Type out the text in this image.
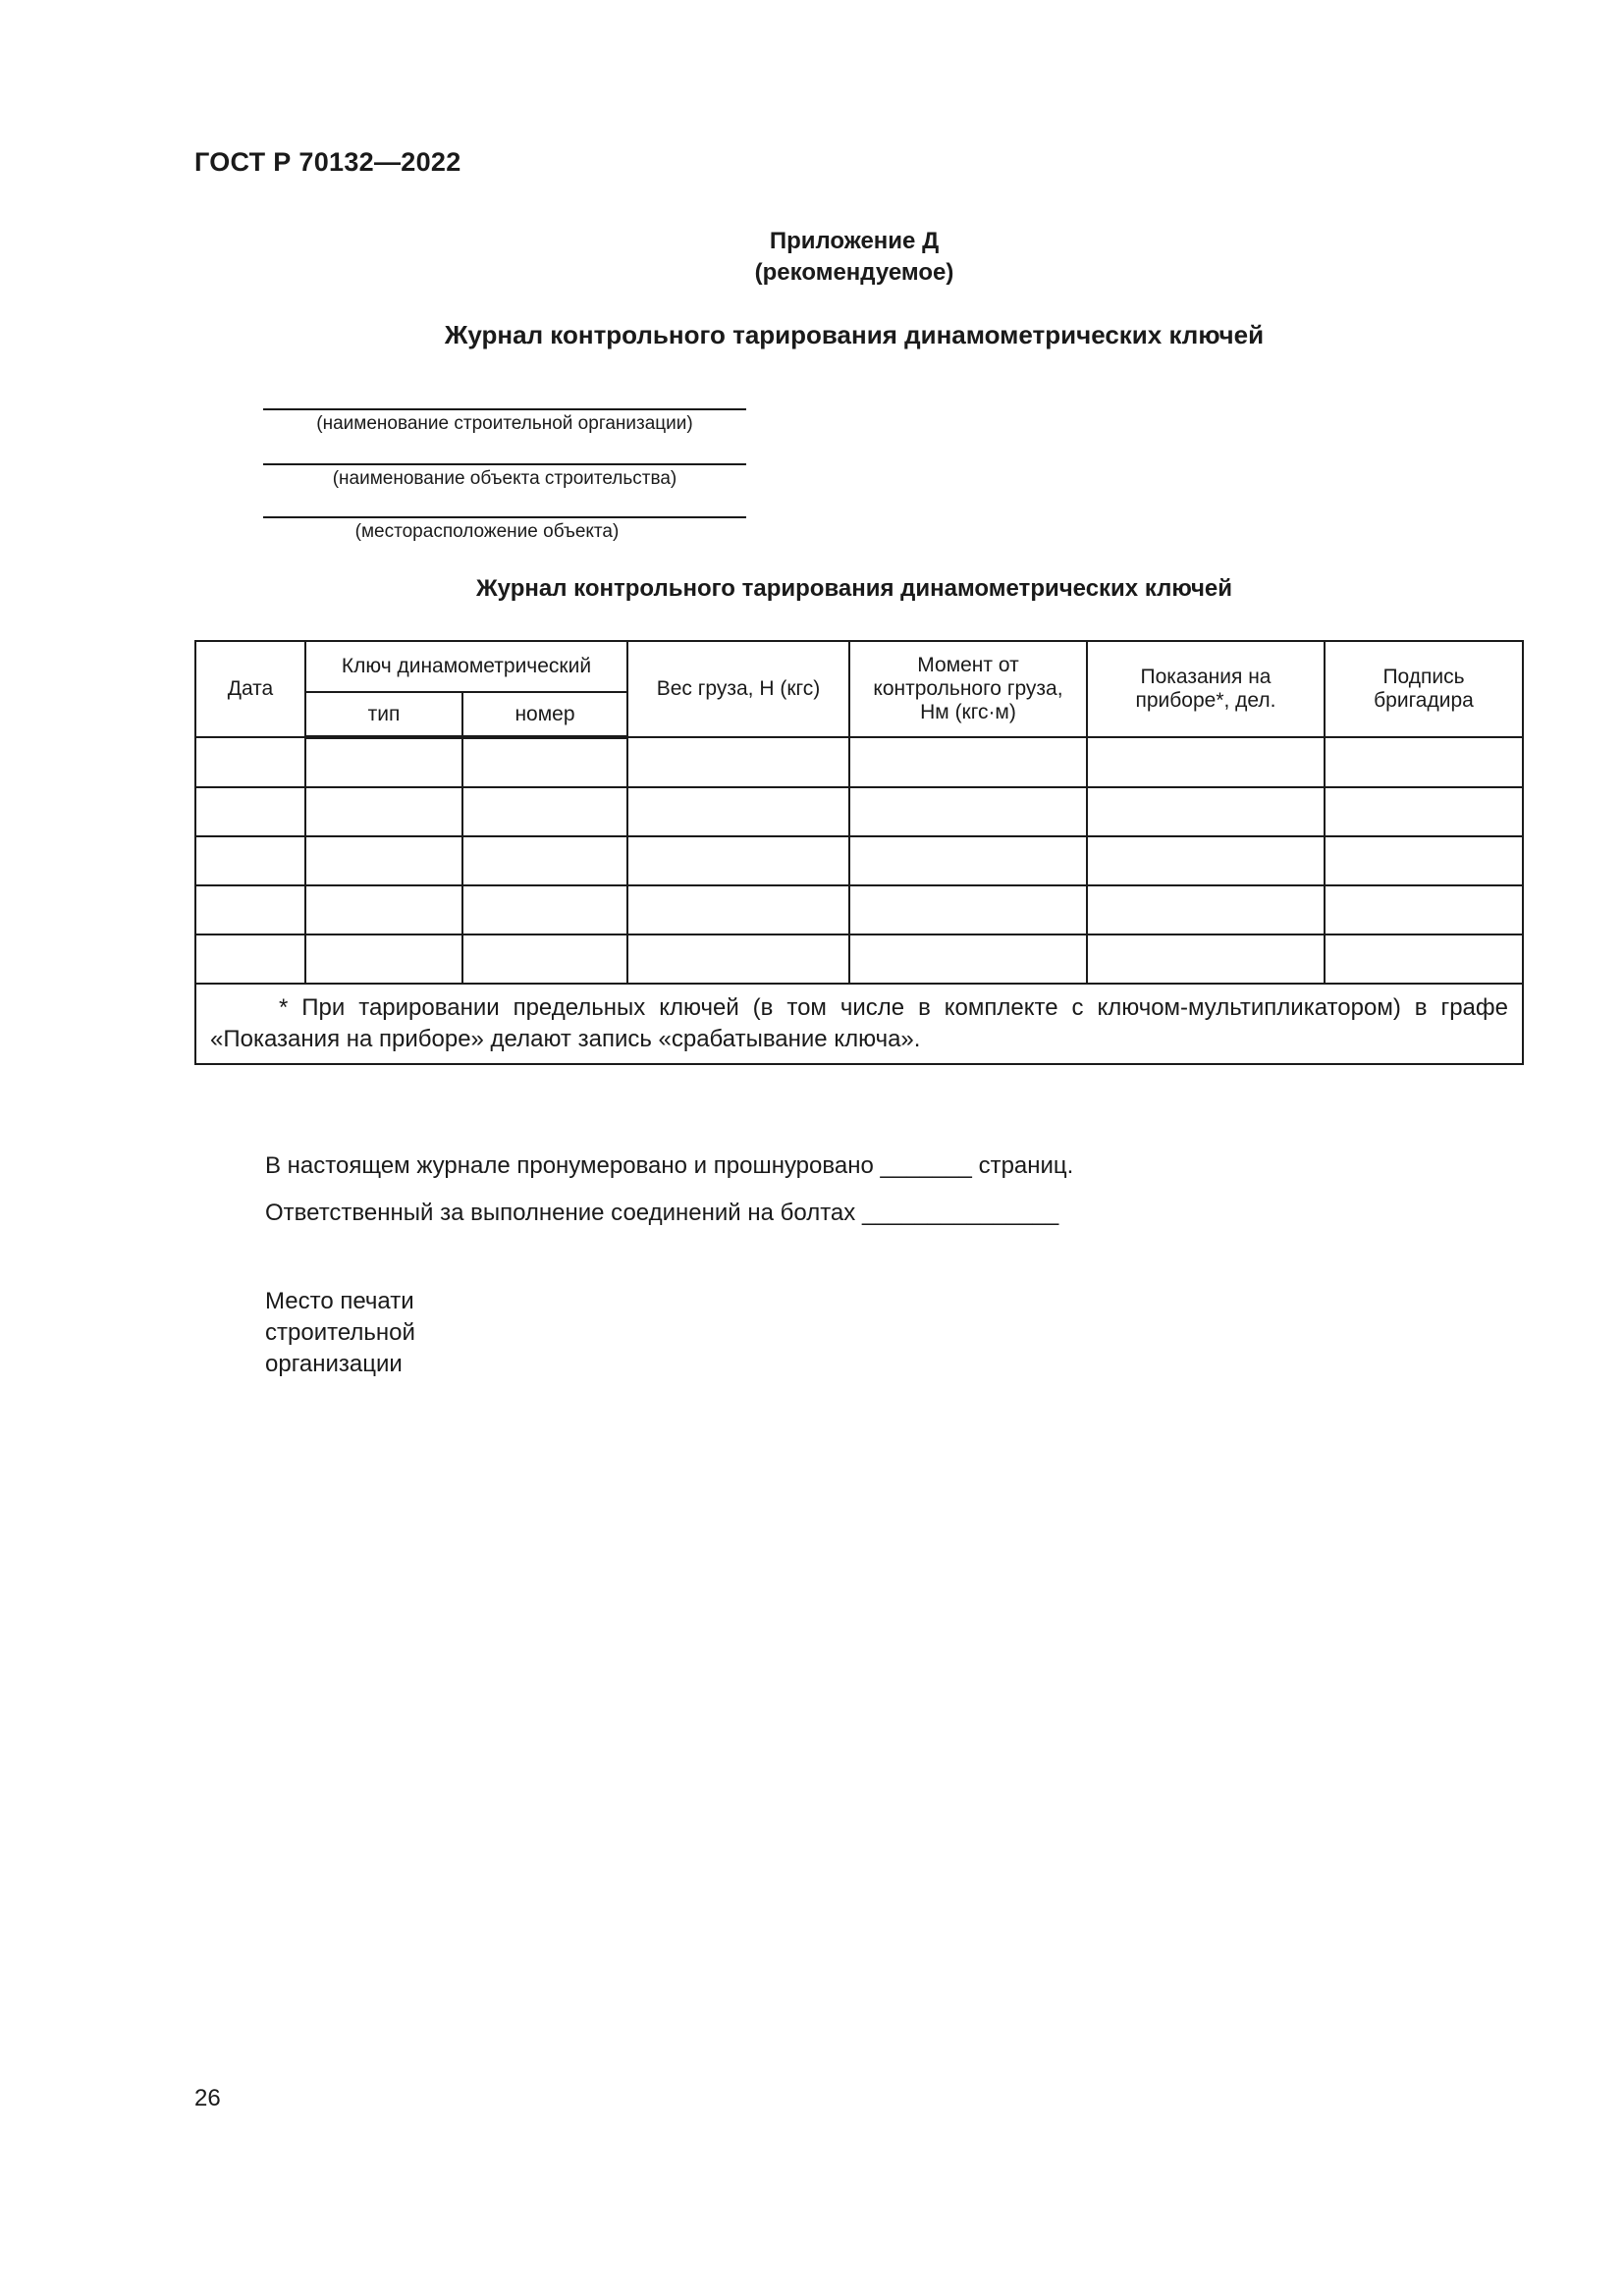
ГОСТ Р 70132—2022
Приложение Д
(рекомендуемое)
Журнал контрольного тарирования динамометрических ключей
(наименование строительной организации)
(наименование объекта строительства)
(месторасположение объекта)
Журнал контрольного тарирования динамометрических ключей
Дата	Ключ динамометрический		Вес груза, Н (кгс)	Момент от контрольного груза, Нм (кгс·м)	Показания на приборе*, дел.	Подпись бригадира
	тип	номер				

* При тарировании предельных ключей (в том числе в комплекте с ключом-мультипликатором) в графе «Показания на приборе» делают запись «срабатывание ключа».						
В настоящем журнале пронумеровано и прошнуровано _______ страниц.
Ответственный за выполнение соединений на болтах _______________
Место печати
строительной
организации
26
